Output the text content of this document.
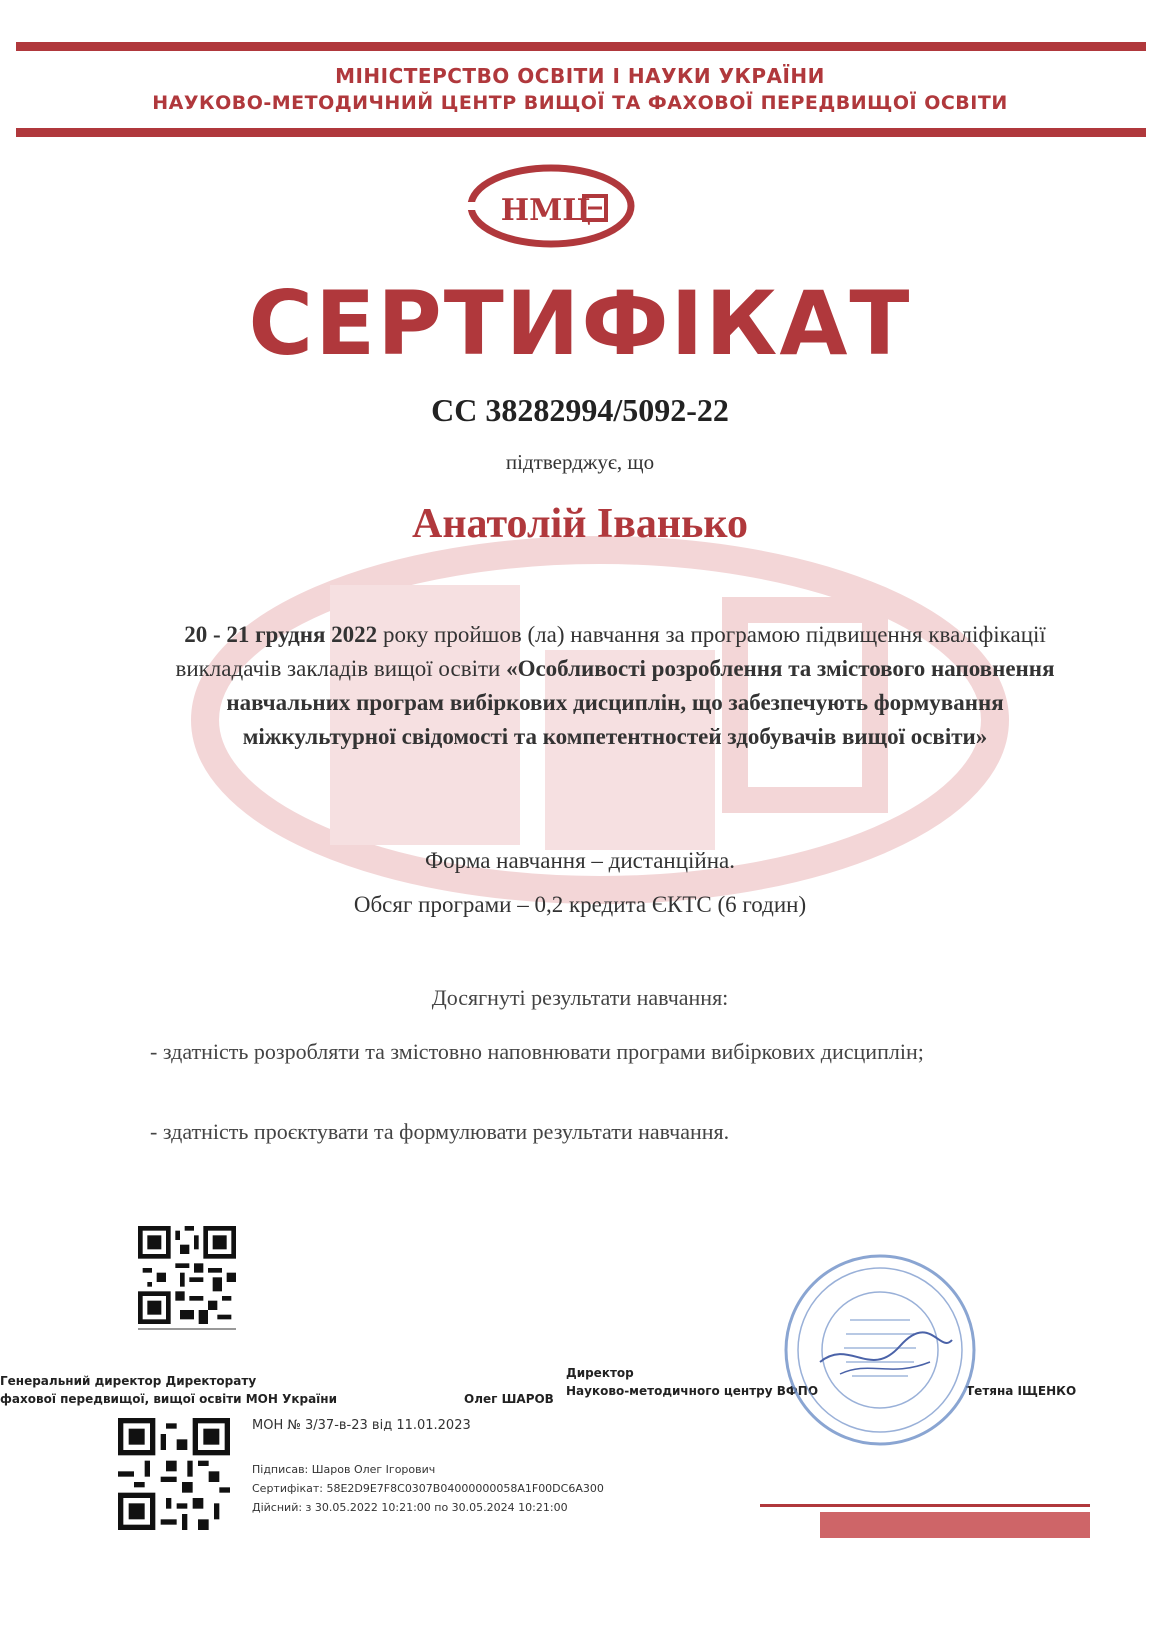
МІНІСТЕРСТВО ОСВІТИ І НАУКИ УКРАЇНИ
НАУКОВО-МЕТОДИЧНИЙ ЦЕНТР ВИЩОЇ ТА ФАХОВОЇ ПЕРЕДВИЩОЇ ОСВІТИ
НМЦ
СЕРТИФІКАТ
СС 38282994/5092-22
підтверджує, що
Анатолій Іванько
20 - 21 грудня 2022 року пройшов (ла) навчання за програмою підвищення кваліфікації викладачів закладів вищої освіти «Особливості розроблення та змістового наповнення навчальних програм вибіркових дисциплін, що забезпечують формування міжкультурної свідомості та компетентностей здобувачів вищої освіти»
Форма навчання – дистанційна.
Обсяг програми – 0,2 кредита ЄКТС (6 годин)
Досягнуті результати навчання:
- здатність розробляти та змістовно наповнювати програми вибіркових дисциплін;
- здатність проєктувати та формулювати результати навчання.
Генеральний директор Директорату
фахової передвищої, вищої освіти МОН України	Олег ШАРОВ
Директор
Науково-методичного центру ВФПО	Тетяна ІЩЕНКО
МОН № 3/37-в-23 від 11.01.2023
Підписав: Шаров Олег Ігорович
Сертифікат: 58E2D9E7F8C0307B04000000058A1F00DC6A300
Дійсний: з 30.05.2022 10:21:00 по 30.05.2024 10:21:00
